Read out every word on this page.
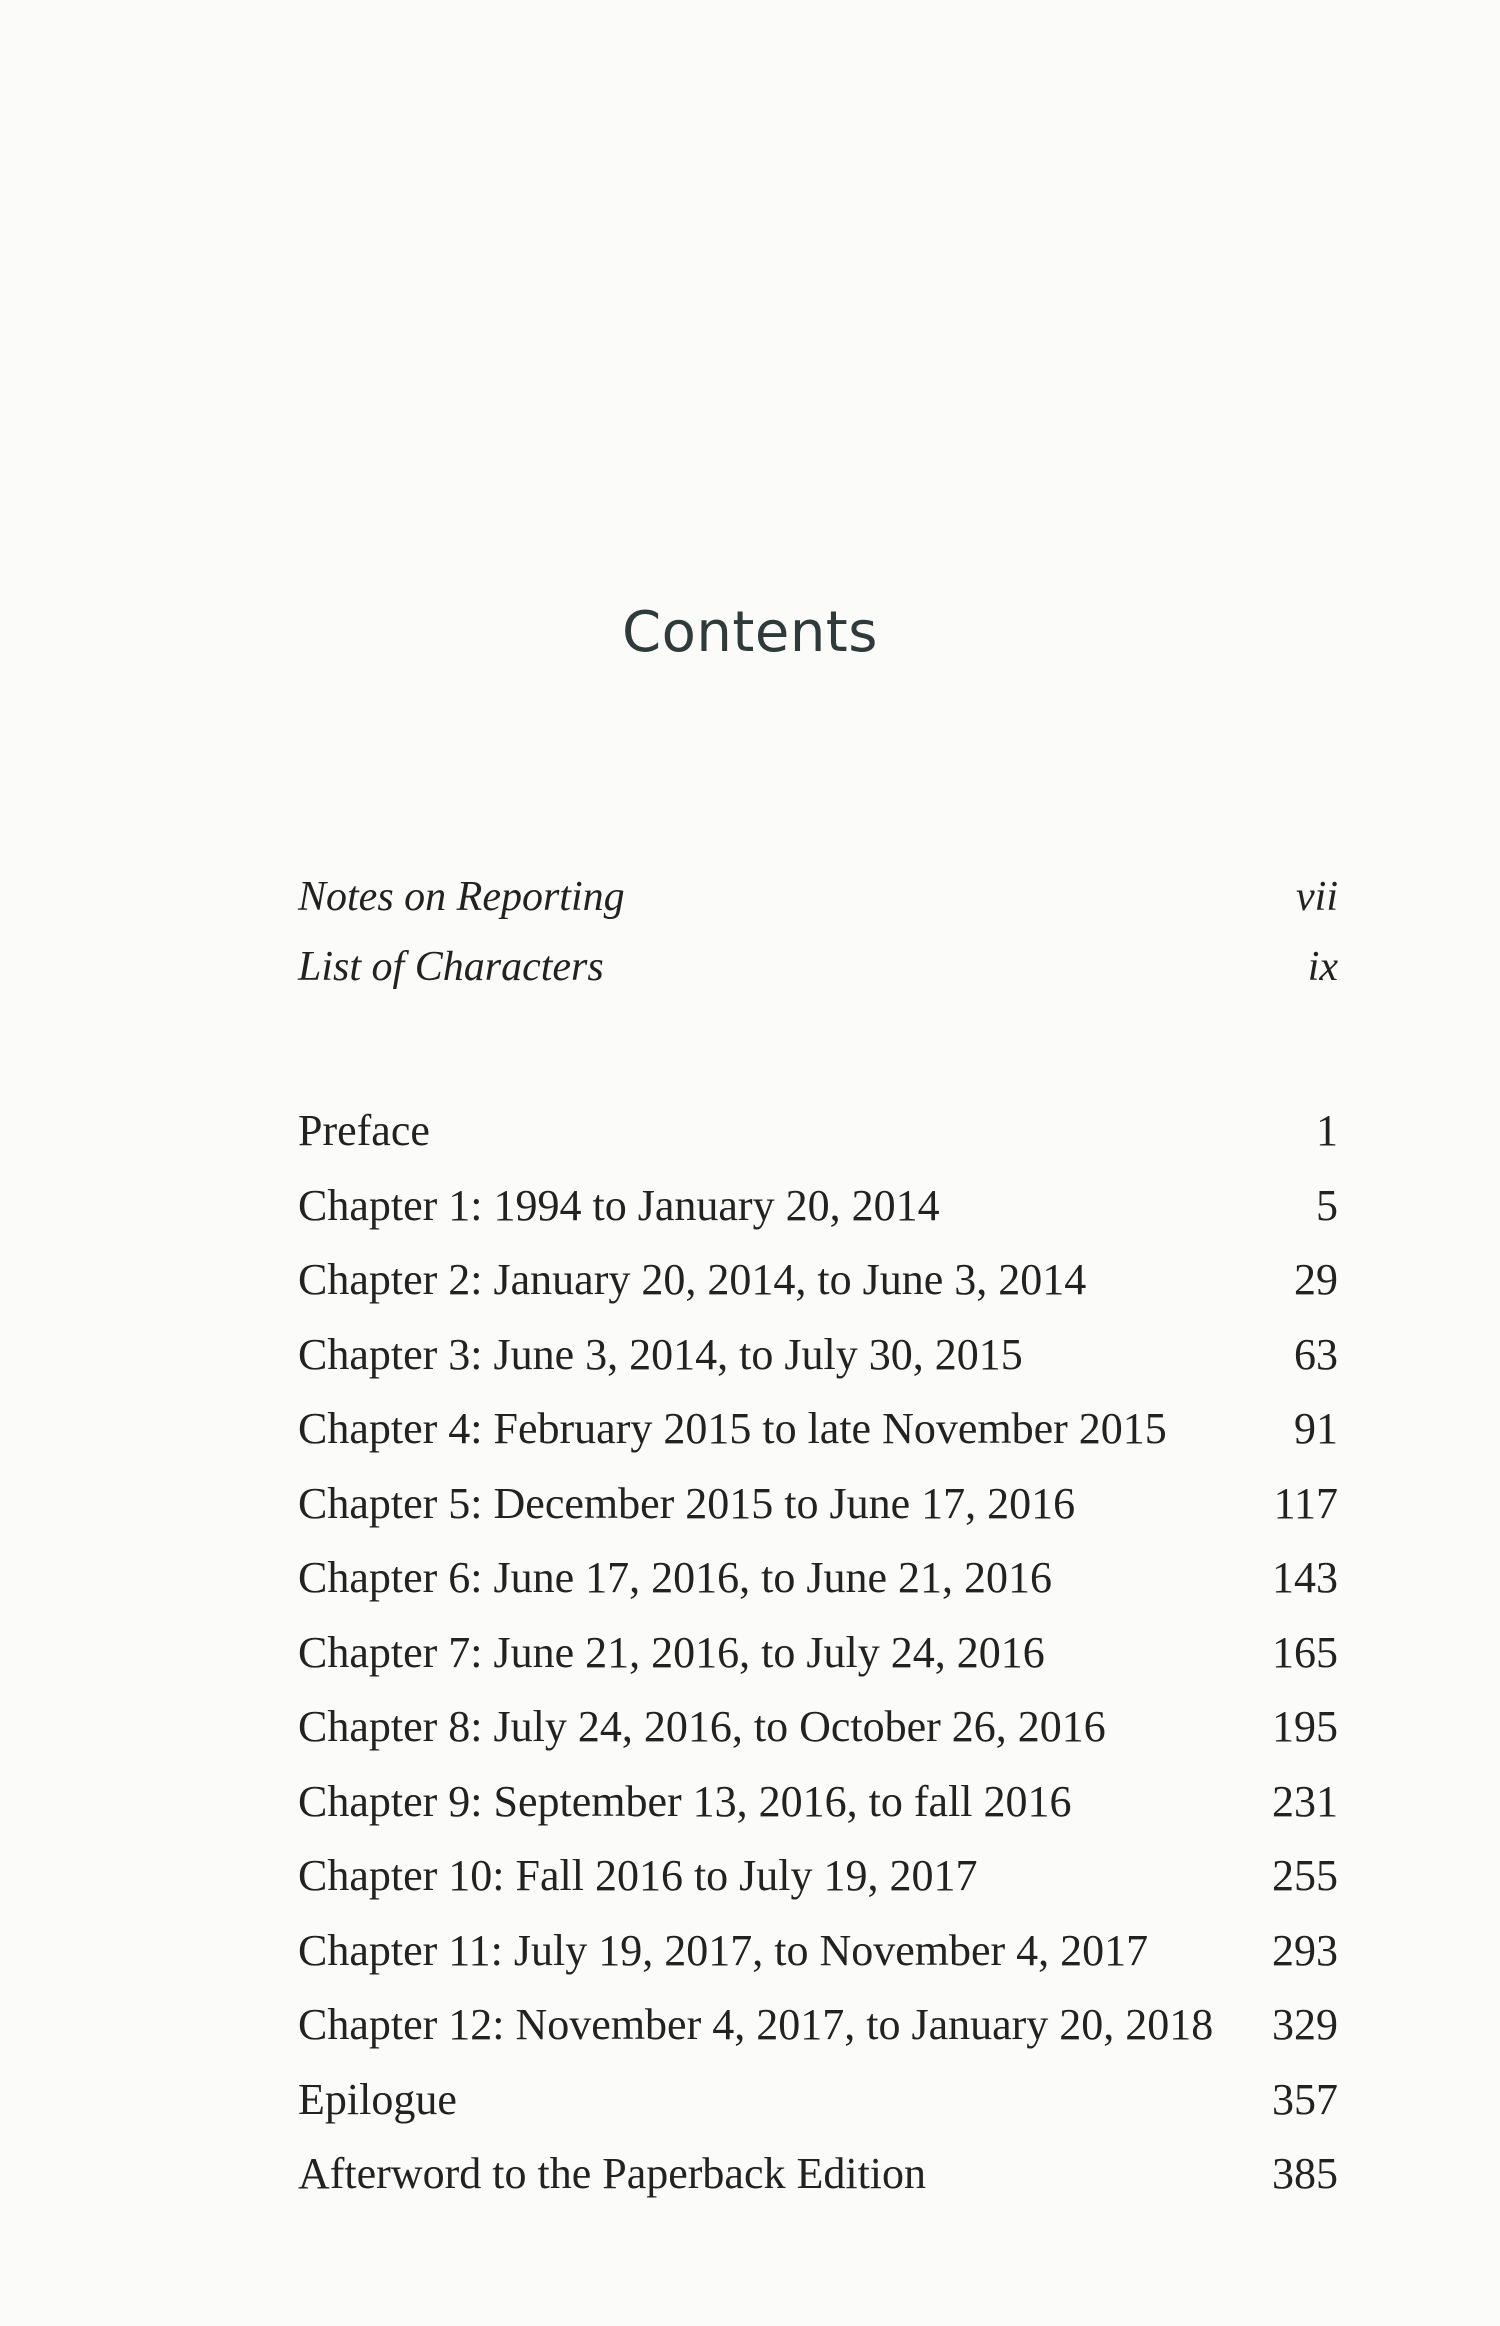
Contents
Notes on Reporting	vii
List of Characters	ix
Preface	1
Chapter 1: 1994 to January 20, 2014	5
Chapter 2: January 20, 2014, to June 3, 2014	29
Chapter 3: June 3, 2014, to July 30, 2015	63
Chapter 4: February 2015 to late November 2015	91
Chapter 5: December 2015 to June 17, 2016	117
Chapter 6: June 17, 2016, to June 21, 2016	143
Chapter 7: June 21, 2016, to July 24, 2016	165
Chapter 8: July 24, 2016, to October 26, 2016	195
Chapter 9: September 13, 2016, to fall 2016	231
Chapter 10: Fall 2016 to July 19, 2017	255
Chapter 11: July 19, 2017, to November 4, 2017	293
Chapter 12: November 4, 2017, to January 20, 2018	329
Epilogue	357
Afterword to the Paperback Edition	385
